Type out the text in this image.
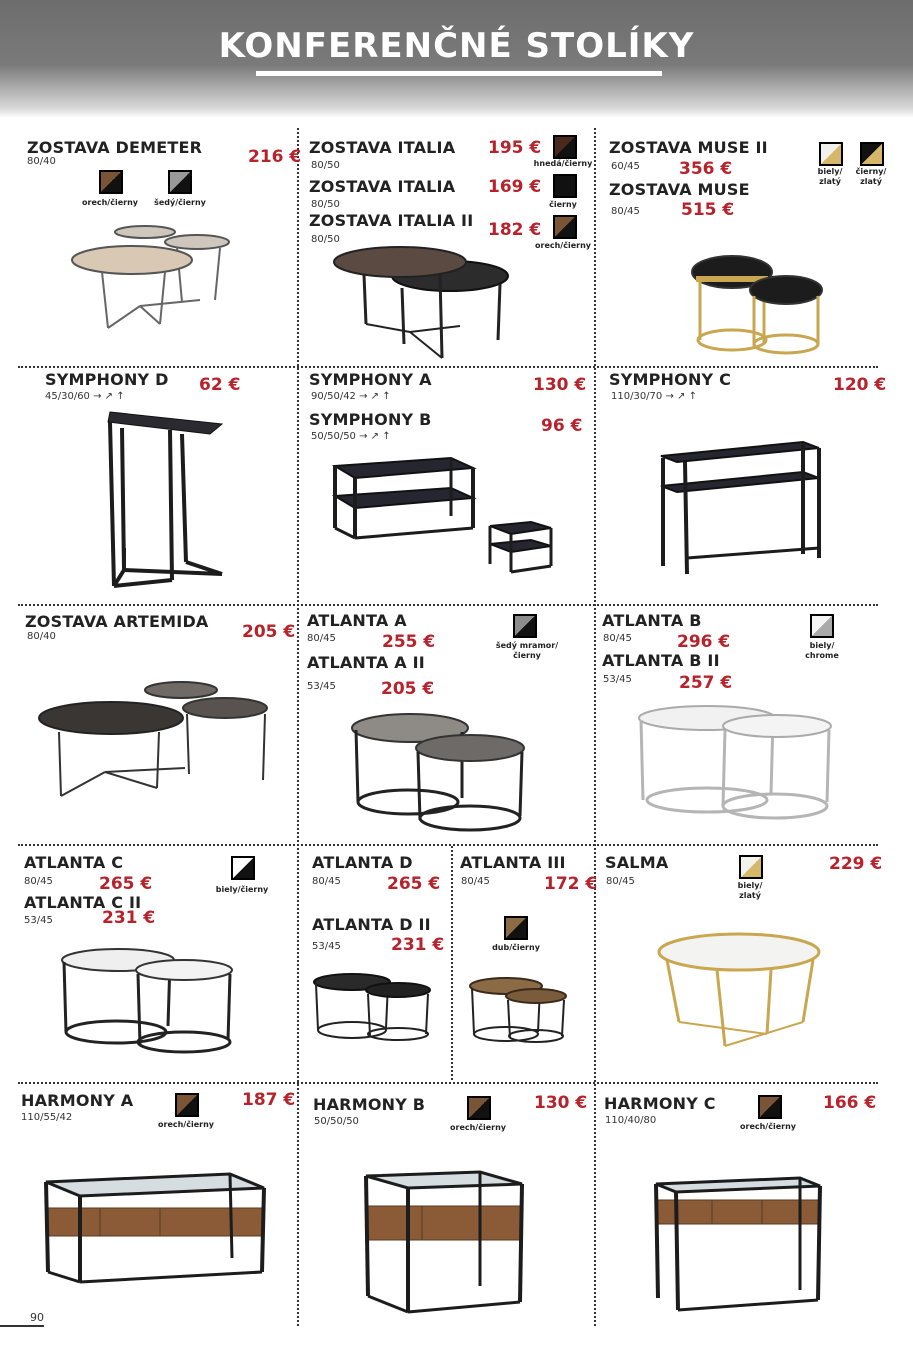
KONFERENČNÉ STOLÍKY
ZOSTAVA DEMETER
80/40	216 €
orech/čierny	šedý/čierny
ZOSTAVA ITALIA
80/50
195 €
hnedá/čierny
ZOSTAVA ITALIA
80/50
169 €
čierny
ZOSTAVA ITALIA II
80/50	182 €
orech/čierny
ZOSTAVA MUSE II
60/45 356 €
ZOSTAVA MUSE
80/45 515 €
biely/ zlatý
čierny/ zlatý
SYMPHONY D
45/30/60 → ↗ ↑
62 €	SYMPHONY A
90/50/42 → ↗ ↑
130 €
SYMPHONY B
50/50/50 → ↗ ↑
96 €
SYMPHONY C
110/30/70 → ↗ ↑
120 €
ZOSTAVA ARTEMIDA
80/40	205 €
ATLANTA A
80/45	255 €
ATLANTA A II
53/45	205 €
šedý mramor/ čierny
ATLANTA B
80/45	296 €
ATLANTA B II
53/45	257 €
biely/ chrome
ATLANTA C
80/45	265 €
ATLANTA C II
53/45	231 €
biely/čierny
ATLANTA D
80/45	265 €
ATLANTA D II
53/45	231 €
ATLANTA III
80/45	172 €
dub/čierny
SALMA
80/45
229 €
biely/ zlatý
HARMONY A
110/55/42
187 €
orech/čierny
HARMONY B
50/50/50
130 €
orech/čierny
HARMONY C
110/40/80
166 €
orech/čierny
90
